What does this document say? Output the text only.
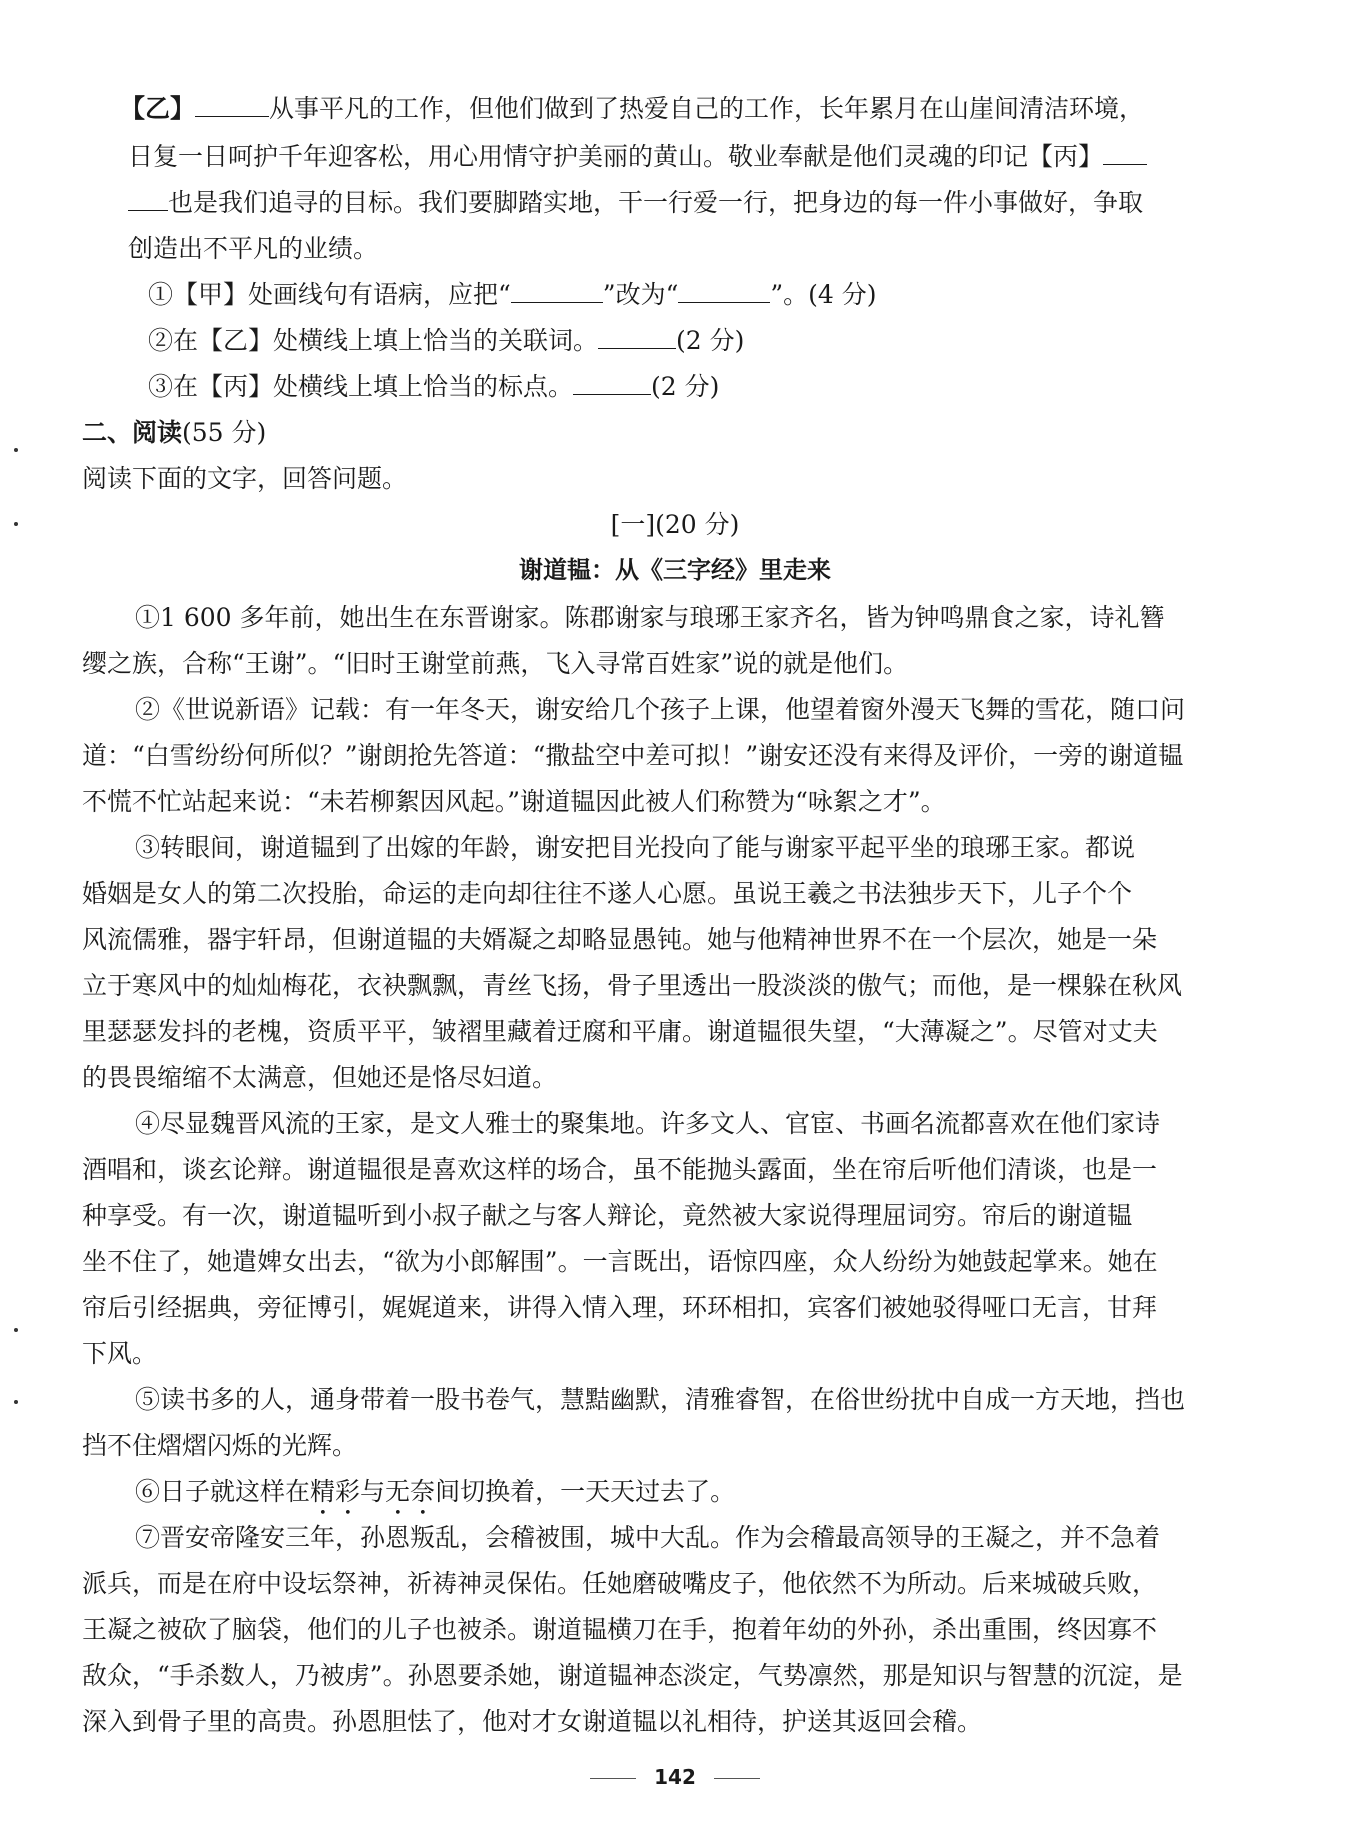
【乙】	从事平凡的工作，但他们做到了热爱自己的工作，长年累月在山崖间清洁环境，
日复一日呵护千年迎客松，用心用情守护美丽的黄山。敬业奉献是他们灵魂的印记【丙】
也是我们追寻的目标。我们要脚踏实地，干一行爱一行，把身边的每一件小事做好，争取
创造出不平凡的业绩。
①【甲】处画线句有语病，应把“	”改为“	”。(4 分)
②在【乙】处横线上填上恰当的关联词。	(2 分)
③在【丙】处横线上填上恰当的标点。	(2 分)
二、阅读(55 分)
阅读下面的文字，回答问题。
[一](20 分)
谢道韫：从《三字经》里走来
①1 600 多年前，她出生在东晋谢家。陈郡谢家与琅琊王家齐名，皆为钟鸣鼎食之家，诗礼簪
缨之族，合称“王谢”。“旧时王谢堂前燕，飞入寻常百姓家”说的就是他们。
②《世说新语》记载：有一年冬天，谢安给几个孩子上课，他望着窗外漫天飞舞的雪花，随口问
道：“白雪纷纷何所似？”谢朗抢先答道：“撒盐空中差可拟！”谢安还没有来得及评价，一旁的谢道韫
不慌不忙站起来说：“未若柳絮因风起。”谢道韫因此被人们称赞为“咏絮之才”。
③转眼间，谢道韫到了出嫁的年龄，谢安把目光投向了能与谢家平起平坐的琅琊王家。都说
婚姻是女人的第二次投胎，命运的走向却往往不遂人心愿。虽说王羲之书法独步天下，儿子个个
风流儒雅，器宇轩昂，但谢道韫的夫婿凝之却略显愚钝。她与他精神世界不在一个层次，她是一朵
立于寒风中的灿灿梅花，衣袂飘飘，青丝飞扬，骨子里透出一股淡淡的傲气；而他，是一棵躲在秋风
里瑟瑟发抖的老槐，资质平平，皱褶里藏着迂腐和平庸。谢道韫很失望，“大薄凝之”。尽管对丈夫
的畏畏缩缩不太满意，但她还是恪尽妇道。
④尽显魏晋风流的王家，是文人雅士的聚集地。许多文人、官宦、书画名流都喜欢在他们家诗
酒唱和，谈玄论辩。谢道韫很是喜欢这样的场合，虽不能抛头露面，坐在帘后听他们清谈，也是一
种享受。有一次，谢道韫听到小叔子献之与客人辩论，竟然被大家说得理屈词穷。帘后的谢道韫
坐不住了，她遣婢女出去，“欲为小郎解围”。一言既出，语惊四座，众人纷纷为她鼓起掌来。她在
帘后引经据典，旁征博引，娓娓道来，讲得入情入理，环环相扣，宾客们被她驳得哑口无言，甘拜
下风。
⑤读书多的人，通身带着一股书卷气，慧黠幽默，清雅睿智，在俗世纷扰中自成一方天地，挡也
挡不住熠熠闪烁的光辉。
⑥日子就这样在精彩与无奈间切换着，一天天过去了。
⑦晋安帝隆安三年，孙恩叛乱，会稽被围，城中大乱。作为会稽最高领导的王凝之，并不急着
派兵，而是在府中设坛祭神，祈祷神灵保佑。任她磨破嘴皮子，他依然不为所动。后来城破兵败，
王凝之被砍了脑袋，他们的儿子也被杀。谢道韫横刀在手，抱着年幼的外孙，杀出重围，终因寡不
敌众，“手杀数人，乃被虏”。孙恩要杀她，谢道韫神态淡定，气势凛然，那是知识与智慧的沉淀，是
深入到骨子里的高贵。孙恩胆怯了，他对才女谢道韫以礼相待，护送其返回会稽。
142
